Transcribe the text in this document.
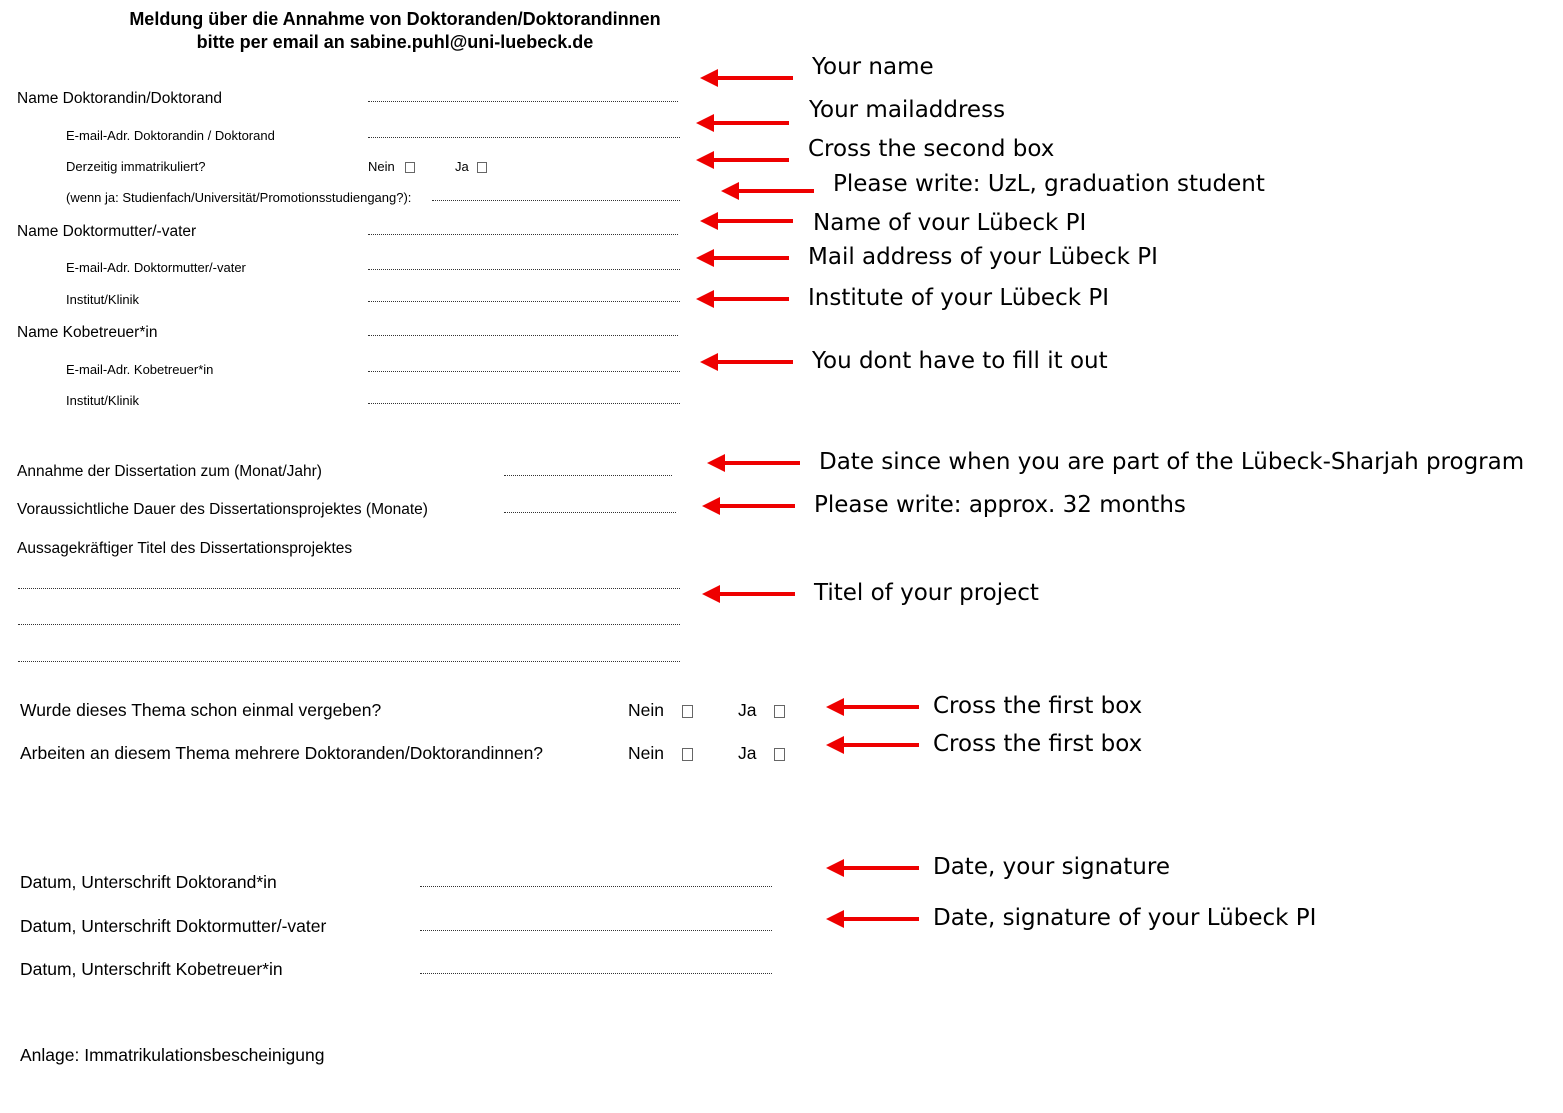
Meldung über die Annahme von Doktoranden/Doktorandinnen
bitte per email an sabine.puhl@uni-luebeck.de
Name Doktorandin/Doktorand
E-mail-Adr. Doktorandin / Doktorand
Derzeitig immatrikuliert?	Nein	Ja
(wenn ja: Studienfach/Universität/Promotionsstudiengang?):
Name Doktormutter/-vater
E-mail-Adr. Doktormutter/-vater
Institut/Klinik
Name Kobetreuer*in
E-mail-Adr. Kobetreuer*in
Institut/Klinik
Annahme der Dissertation zum (Monat/Jahr)
Voraussichtliche Dauer des Dissertationsprojektes (Monate)
Aussagekräftiger Titel des Dissertationsprojektes
Wurde dieses Thema schon einmal vergeben?	Nein	Ja
Arbeiten an diesem Thema mehrere Doktoranden/Doktorandinnen?	Nein	Ja
Datum, Unterschrift Doktorand*in
Datum, Unterschrift Doktormutter/-vater
Datum, Unterschrift Kobetreuer*in
Anlage: Immatrikulationsbescheinigung
Your name
Your mailaddress
Cross the second box
Please write: UzL, graduation student
Name of vour Lübeck PI
Mail address of your Lübeck PI
Institute of your Lübeck PI
You dont have to fill it out
Date since when you are part of the Lübeck-Sharjah program
Please write: approx. 32 months
Titel of your project
Cross the first box
Cross the first box
Date, your signature
Date, signature of your Lübeck PI
